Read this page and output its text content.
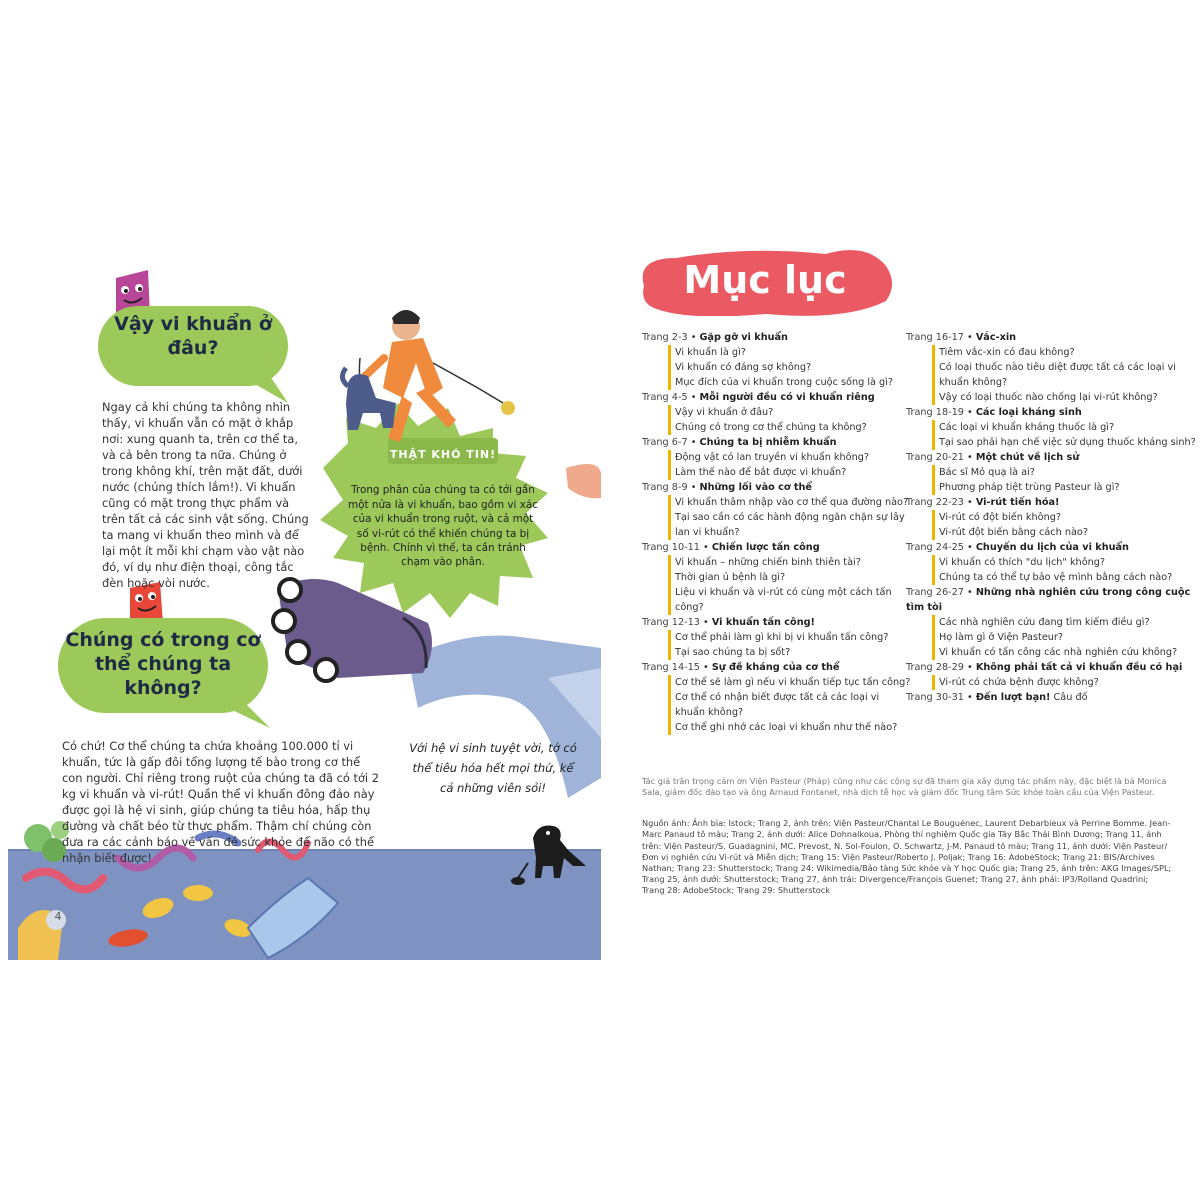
Vậy vi khuẩn ở đâu?

Ngay cả khi chúng ta không nhìn thấy, vi khuẩn vẫn có mặt ở khắp nơi: xung quanh ta, trên cơ thể ta, và cả bên trong ta nữa. Chúng ở trong không khí, trên mặt đất, dưới nước (chúng thích lắm!). Vi khuẩn cũng có mặt trong thực phẩm và trên tất cả các sinh vật sống. Chúng ta mang vi khuẩn theo mình và để lại một ít mỗi khi chạm vào vật nào đó, ví dụ như điện thoại, công tắc đèn hoặc vòi nước.

THẬT KHÓ TIN!

Trong phân của chúng ta có tới gần một nửa là vi khuẩn, bao gồm vi xác của vi khuẩn trong ruột, và cả một số vi-rút có thể khiến chúng ta bị bệnh. Chính vì thế, ta cần tránh chạm vào phân.

Chúng có trong cơ thể chúng ta không?

Có chứ! Cơ thể chúng ta chứa khoảng 100.000 tỉ vi khuẩn, tức là gấp đôi tổng lượng tế bào trong cơ thể con người. Chỉ riêng trong ruột của chúng ta đã có tới 2 kg vi khuẩn và vi-rút! Quần thể vi khuẩn đông đảo này được gọi là hệ vi sinh, giúp chúng ta tiêu hóa, hấp thụ đường và chất béo từ thực phẩm. Thậm chí chúng còn đưa ra các cảnh báo về vấn đề sức khỏe để não có thể nhận biết được!

Với hệ vi sinh tuyệt vời, tớ có thể tiêu hóa hết mọi thứ, kể cả những viên sỏi!
4
Mục lục
Trang 2-3 • Gặp gỡ vi khuẩn
Vi khuẩn là gì?
Vi khuẩn có đáng sợ không?
Mục đích của vi khuẩn trong cuộc sống là gì?
Trang 4-5 • Mỗi người đều có vi khuẩn riêng
Vậy vi khuẩn ở đâu?
Chúng có trong cơ thể chúng ta không?
Trang 6-7 • Chúng ta bị nhiễm khuẩn
Động vật có lan truyền vi khuẩn không?
Làm thế nào để bắt được vi khuẩn?
Trang 8-9 • Những lối vào cơ thể
Vi khuẩn thâm nhập vào cơ thể qua đường nào?
Tại sao cần có các hành động ngăn chặn sự lây lan vi khuẩn?
Trang 10-11 • Chiến lược tấn công
Vi khuẩn – những chiến binh thiên tài?
Thời gian ủ bệnh là gì?
Liệu vi khuẩn và vi-rút có cùng một cách tấn công?
Trang 12-13 • Vi khuẩn tấn công!
Cơ thể phải làm gì khi bị vi khuẩn tấn công?
Tại sao chúng ta bị sốt?
Trang 14-15 • Sự đề kháng của cơ thể
Cơ thể sẽ làm gì nếu vi khuẩn tiếp tục tấn công?
Cơ thể có nhận biết được tất cả các loại vi khuẩn không?
Cơ thể ghi nhớ các loại vi khuẩn như thế nào?
Trang 16-17 • Vắc-xin
Tiêm vắc-xin có đau không?
Có loại thuốc nào tiêu diệt được tất cả các loại vi khuẩn không?
Vậy có loại thuốc nào chống lại vi-rút không?
Trang 18-19 • Các loại kháng sinh
Các loại vi khuẩn kháng thuốc là gì?
Tại sao phải hạn chế việc sử dụng thuốc kháng sinh?
Trang 20-21 • Một chút về lịch sử
Bác sĩ Mỏ quạ là ai?
Phương pháp tiệt trùng Pasteur là gì?
Trang 22-23 • Vi-rút tiến hóa!
Vi-rút có đột biến không?
Vi-rút đột biến bằng cách nào?
Trang 24-25 • Chuyến du lịch của vi khuẩn
Vi khuẩn có thích "du lịch" không?
Chúng ta có thể tự bảo vệ mình bằng cách nào?
Trang 26-27 • Những nhà nghiên cứu trong công cuộc tìm tòi
Các nhà nghiên cứu đang tìm kiếm điều gì?
Họ làm gì ở Viện Pasteur?
Vi khuẩn có tấn công các nhà nghiên cứu không?
Trang 28-29 • Không phải tất cả vi khuẩn đều có hại
Vi-rút có chứa bệnh được không?
Trang 30-31 • Đến lượt bạn! Câu đố

Tác giả trân trọng cảm ơn Viện Pasteur (Pháp) cũng như các cộng sự đã tham gia xây dựng tác phẩm này, đặc biệt là bà Monica Sala, giám đốc đào tạo và ông Arnaud Fontanet, nhà dịch tễ học và giám đốc Trung tâm Sức khỏe toàn cầu của Viện Pasteur.

Nguồn ảnh: Ảnh bìa: Istock; Trang 2, ảnh trên: Viện Pasteur/Chantal Le Bouguénec, Laurent Debarbieux và Perrine Bomme. Jean-Marc Panaud tô màu; Trang 2, ảnh dưới: Alice Dohnalkoua, Phòng thí nghiệm Quốc gia Tây Bắc Thái Bình Dương; Trang 11, ảnh trên: Viện Pasteur/S. Guadagnini, MC. Prevost, N. Sol-Foulon, O. Schwartz, J-M. Panaud tô màu; Trang 11, ảnh dưới: Viện Pasteur/Đơn vị nghiên cứu Vi-rút và Miễn dịch; Trang 15: Viện Pasteur/Roberto J. Poljak; Trang 16: AdobeStock; Trang 21: BIS/Archives Nathan; Trang 23: Shutterstock; Trang 24: Wikimedia/Bảo tàng Sức khỏe và Y học Quốc gia; Trang 25, ảnh trên: AKG Images/SPL; Trang 25, ảnh dưới: Shutterstock; Trang 27, ảnh trái: Divergence/François Guenet; Trang 27, ảnh phải: IP3/Rolland Quadrini; Trang 28: AdobeStock; Trang 29: Shutterstock
